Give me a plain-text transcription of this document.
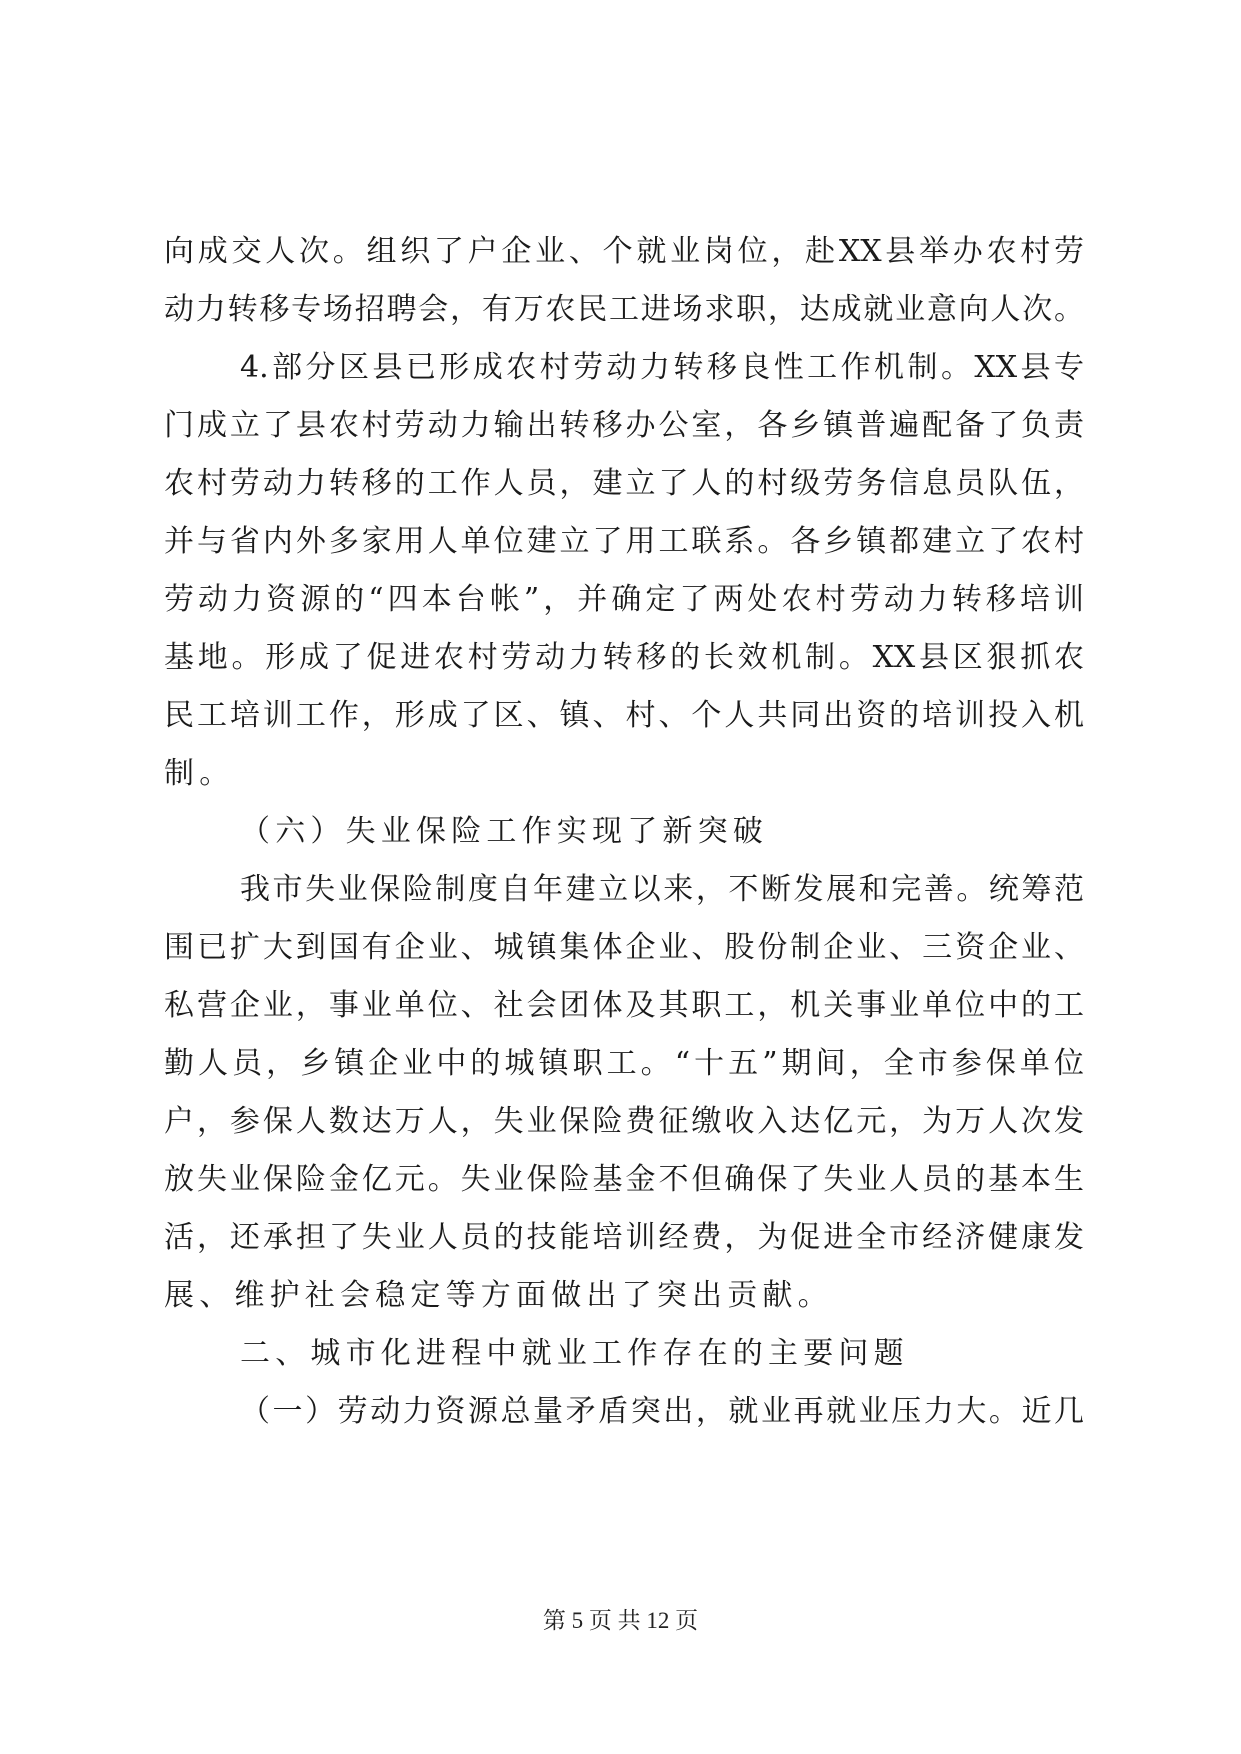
向成交人次。组织了户企业、个就业岗位，赴XX县举办农村劳
动力转移专场招聘会，有万农民工进场求职，达成就业意向人次。
4.部分区县已形成农村劳动力转移良性工作机制。XX县专
门成立了县农村劳动力输出转移办公室，各乡镇普遍配备了负责
农村劳动力转移的工作人员，建立了人的村级劳务信息员队伍，
并与省内外多家用人单位建立了用工联系。各乡镇都建立了农村
劳动力资源的“四本台帐”，并确定了两处农村劳动力转移培训
基地。形成了促进农村劳动力转移的长效机制。XX县区狠抓农
民工培训工作，形成了区、镇、村、个人共同出资的培训投入机
制。
（六）失业保险工作实现了新突破
我市失业保险制度自年建立以来，不断发展和完善。统筹范
围已扩大到国有企业、城镇集体企业、股份制企业、三资企业、
私营企业，事业单位、社会团体及其职工，机关事业单位中的工
勤人员，乡镇企业中的城镇职工。“十五”期间，全市参保单位
户，参保人数达万人，失业保险费征缴收入达亿元，为万人次发
放失业保险金亿元。失业保险基金不但确保了失业人员的基本生
活，还承担了失业人员的技能培训经费，为促进全市经济健康发
展、维护社会稳定等方面做出了突出贡献。
二、城市化进程中就业工作存在的主要问题
（一）劳动力资源总量矛盾突出，就业再就业压力大。近几
第 5 页 共 12 页
